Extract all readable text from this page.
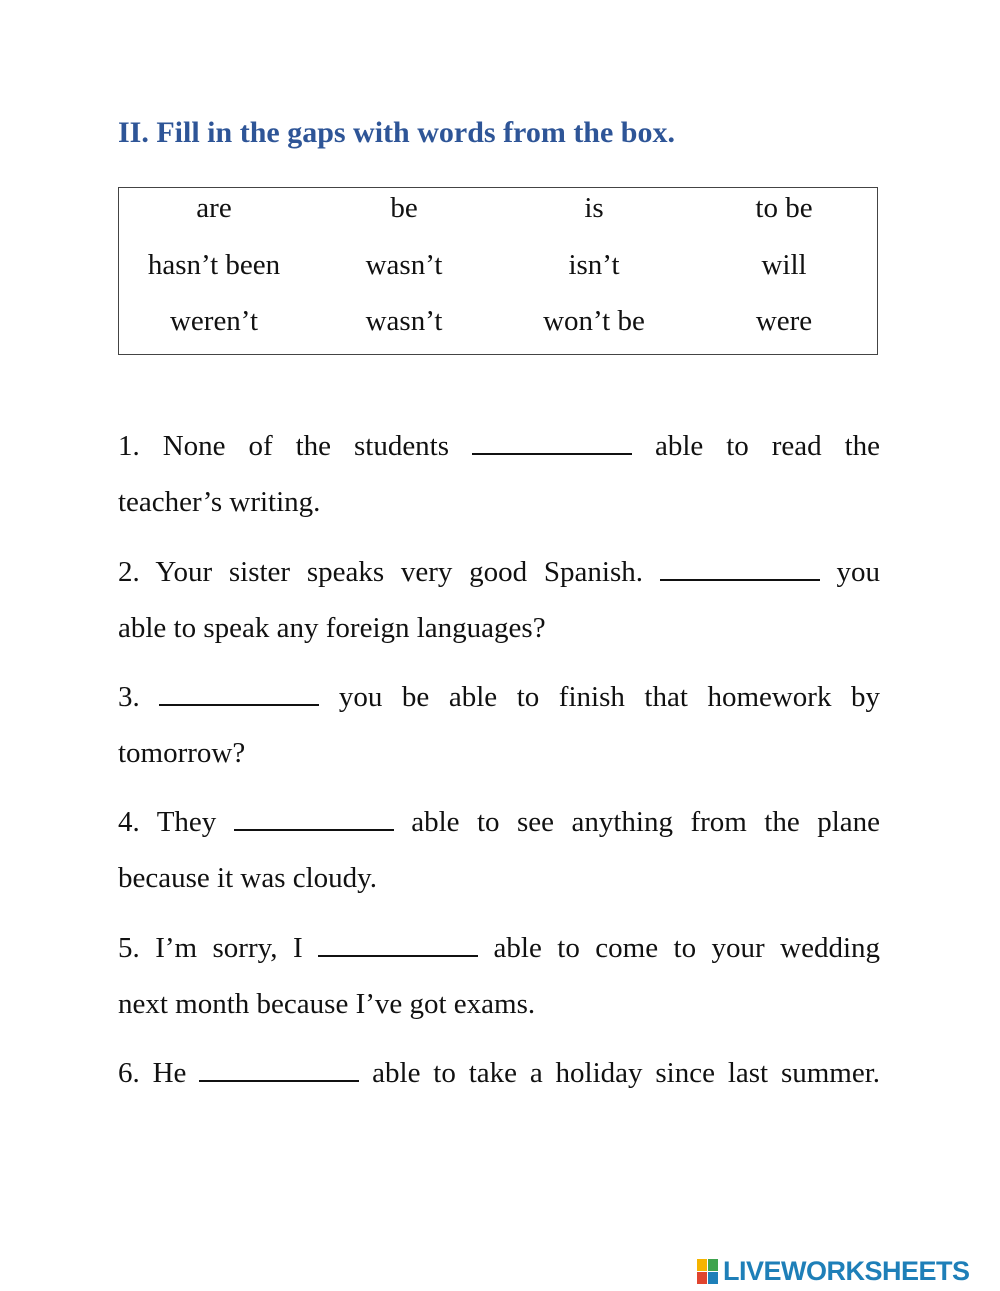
II. Fill in the gaps with words from the box.
are	be	is	to be
hasn’t been	wasn’t	isn’t	will
weren’t	wasn’t	won’t be	were
1. None of the students	able to read the
teacher’s writing.
2. Your sister speaks very good Spanish.	you
able to speak any foreign languages?
3.	you be able to finish that homework by
tomorrow?
4. They	able to see anything from the plane
because it was cloudy.
5. I’m sorry, I	able to come to your wedding
next month because I’ve got exams.
6. He	able to take a holiday since last summer.
LIVEWORKSHEETS
